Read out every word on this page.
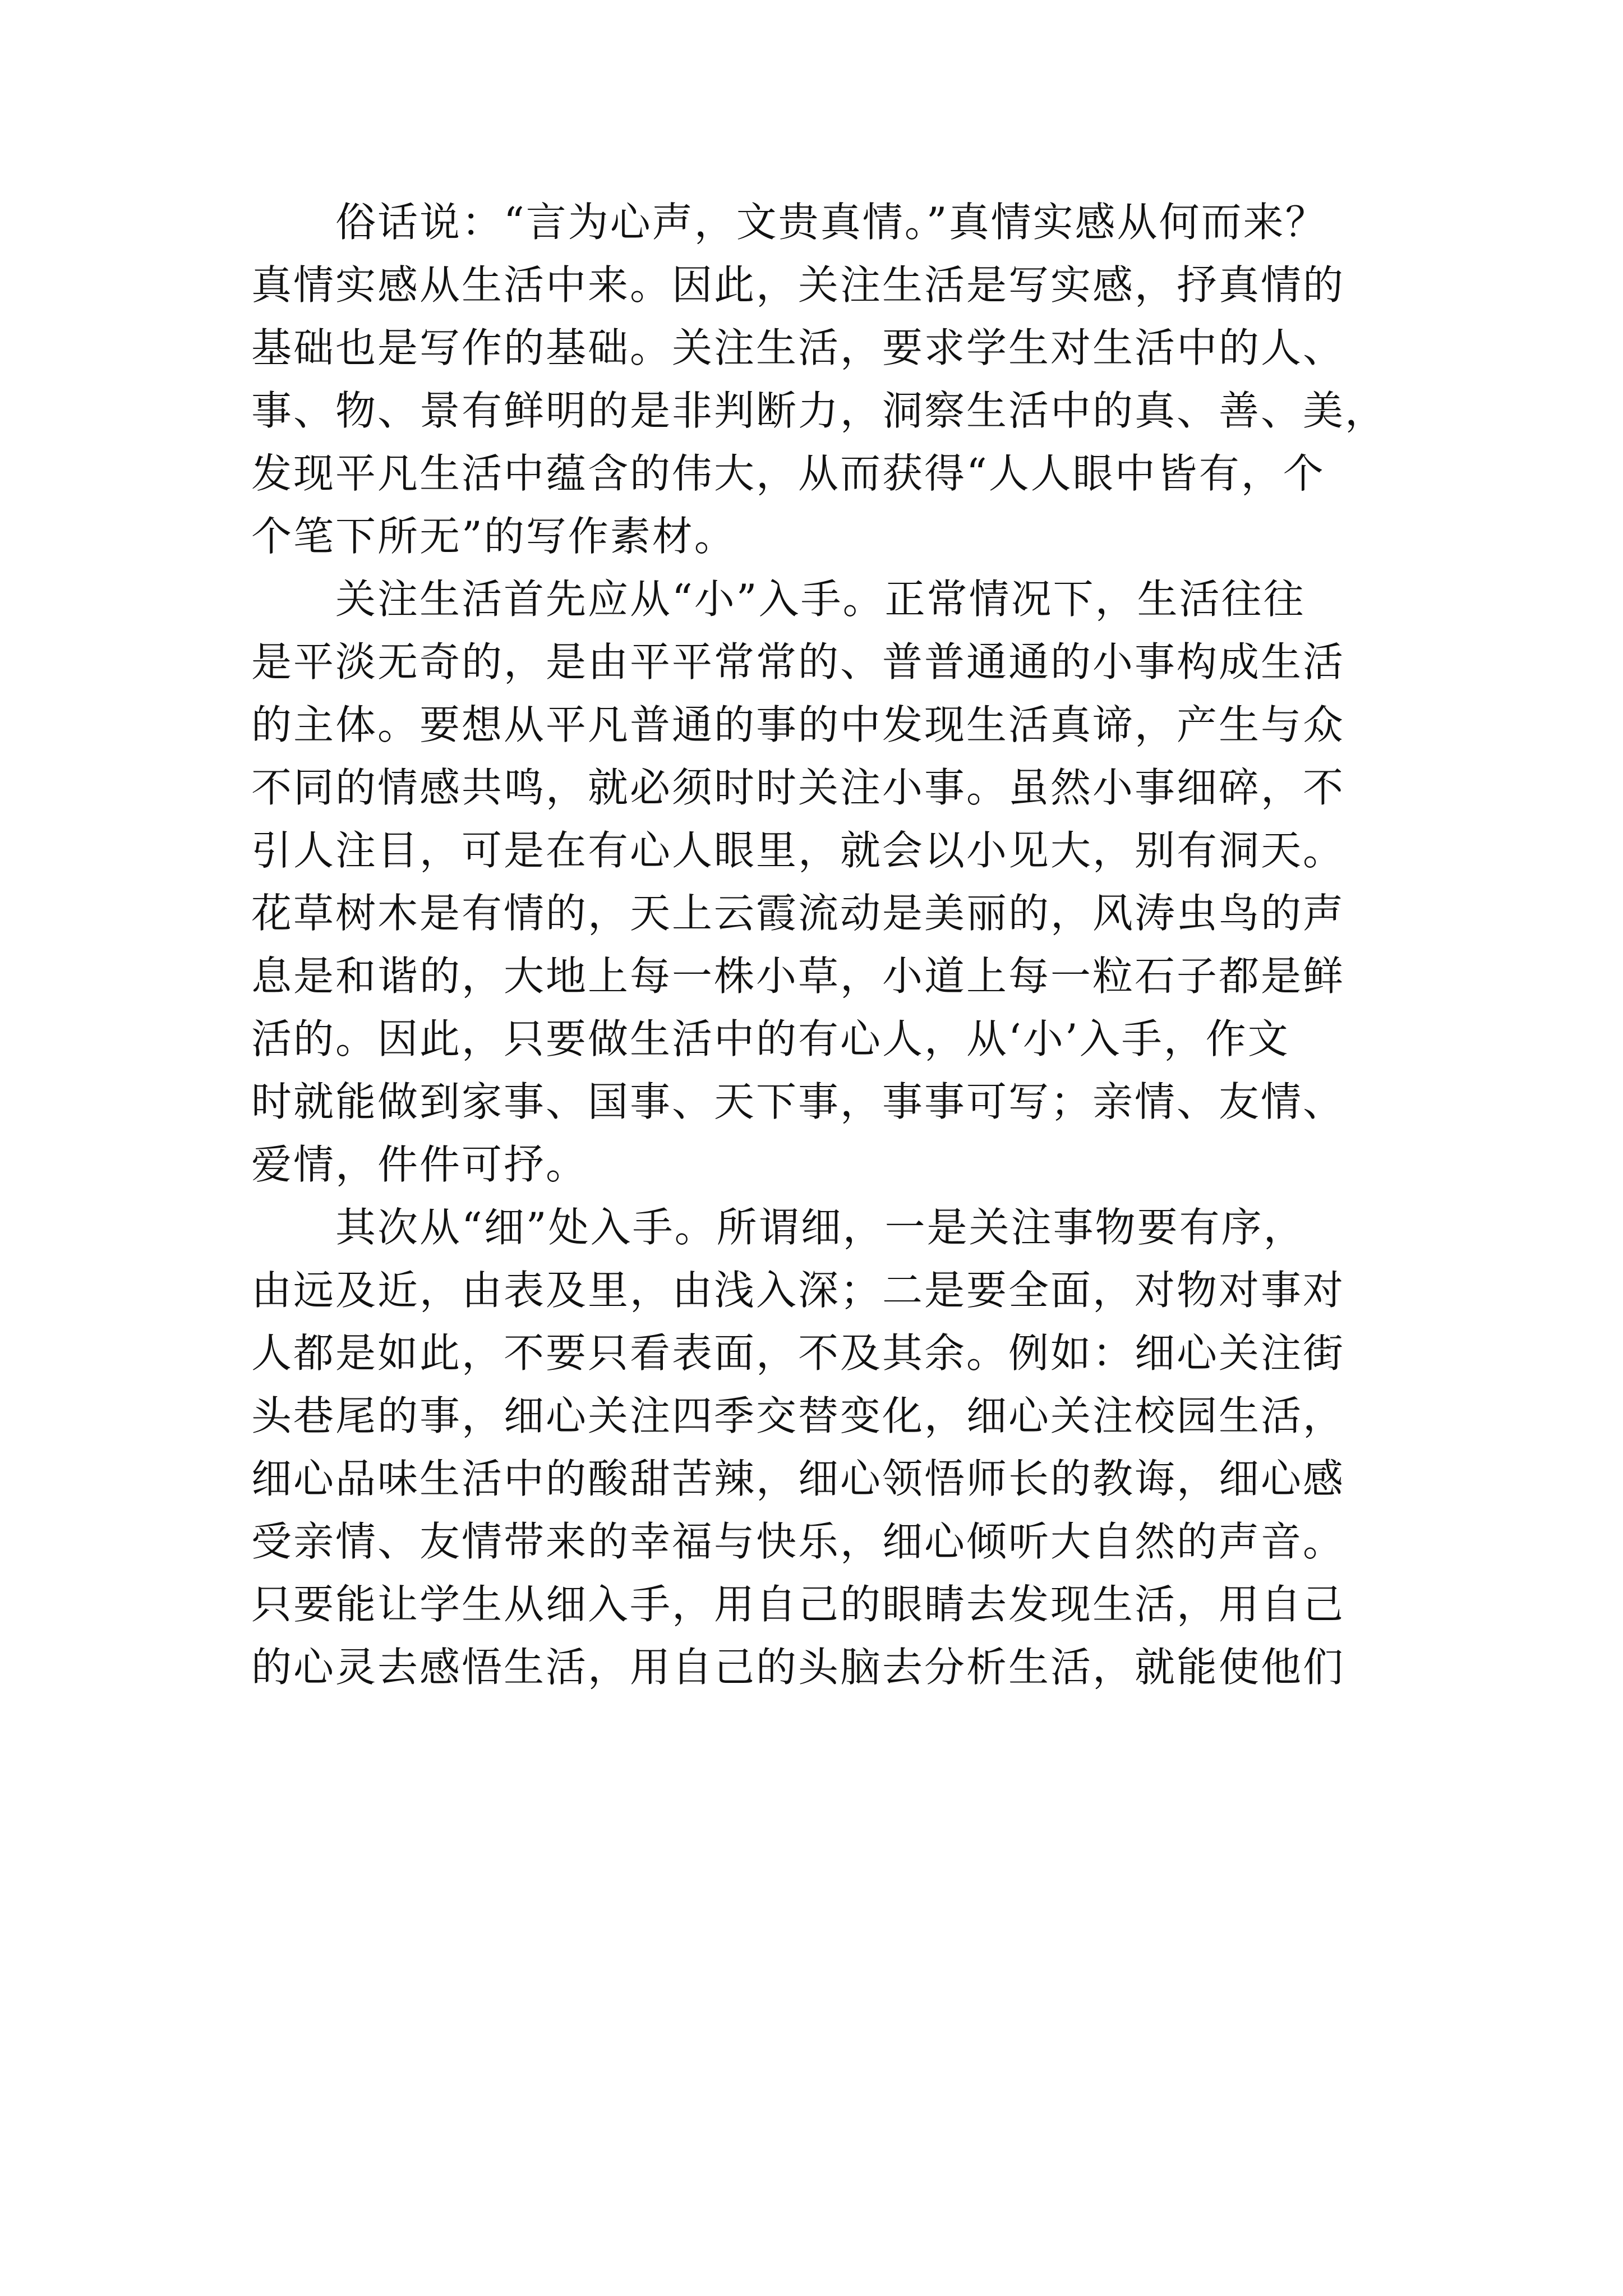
俗话说：“言为心声，文贵真情。”真情实感从何而来？
真情实感从生活中来。因此，关注生活是写实感，抒真情的
基础也是写作的基础。关注生活，要求学生对生活中的人、
事、物、景有鲜明的是非判断力，洞察生活中的真、善、美，
发现平凡生活中蕴含的伟大，从而获得“人人眼中皆有，个
个笔下所无”的写作素材。
关注生活首先应从“小”入手。正常情况下，生活往往
是平淡无奇的，是由平平常常的、普普通通的小事构成生活
的主体。要想从平凡普通的事的中发现生活真谛，产生与众
不同的情感共鸣，就必须时时关注小事。虽然小事细碎，不
引人注目，可是在有心人眼里，就会以小见大，别有洞天。
花草树木是有情的，天上云霞流动是美丽的，风涛虫鸟的声
息是和谐的，大地上每一株小草，小道上每一粒石子都是鲜
活的。因此，只要做生活中的有心人，从‘小’入手，作文
时就能做到家事、国事、天下事，事事可写；亲情、友情、
爱情，件件可抒。
其次从“细”处入手。所谓细，一是关注事物要有序，
由远及近，由表及里，由浅入深；二是要全面，对物对事对
人都是如此，不要只看表面，不及其余。例如：细心关注街
头巷尾的事，细心关注四季交替变化，细心关注校园生活，
细心品味生活中的酸甜苦辣，细心领悟师长的教诲，细心感
受亲情、友情带来的幸福与快乐，细心倾听大自然的声音。
只要能让学生从细入手，用自己的眼睛去发现生活，用自己
的心灵去感悟生活，用自己的头脑去分析生活，就能使他们
